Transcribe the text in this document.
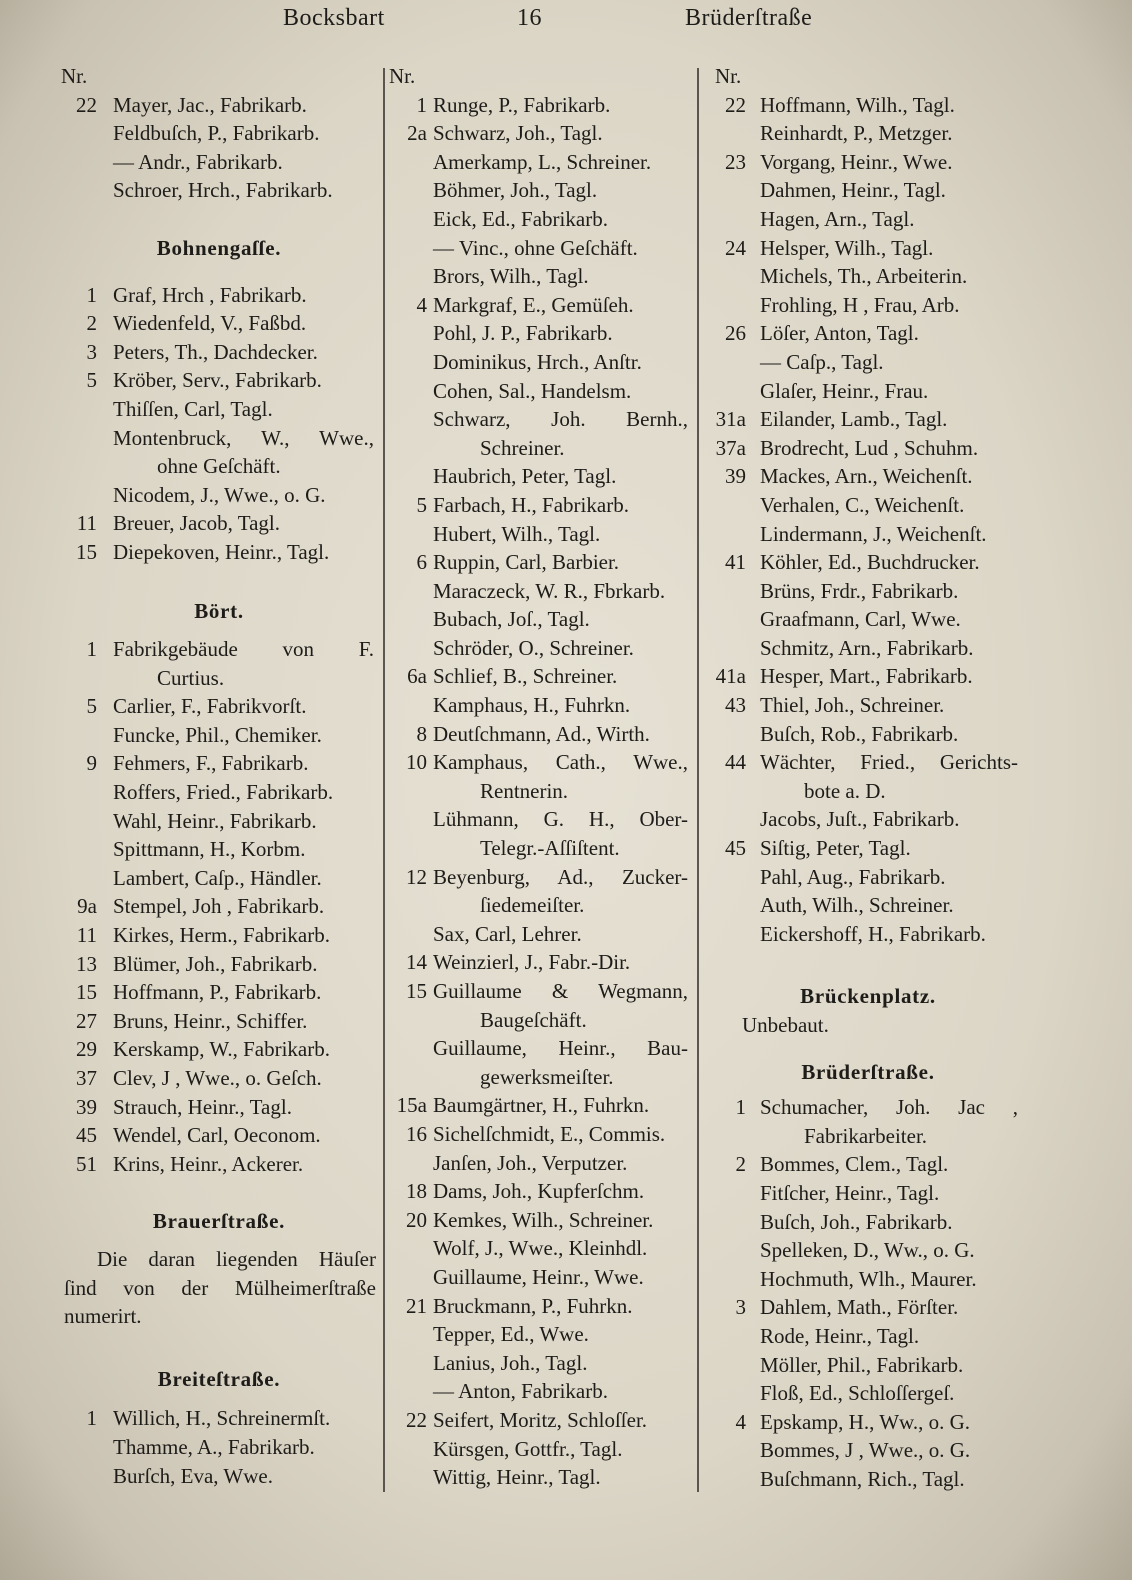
Bocksbart	16	Brüderſtraße
Nr.
22 Mayer, Jac., Fabrikarb.
Feldbuſch, P., Fabrikarb.
— Andr., Fabrikarb.
Schroer, Hrch., Fabrikarb.
Bohnengaſſe.
1 Graf, Hrch , Fabrikarb.
2 Wiedenfeld, V., Faßbd.
3 Peters, Th., Dachdecker.
5 Kröber, Serv., Fabrikarb.
Thiſſen, Carl, Tagl.
Montenbruck, W., Wwe.,
ohne Geſchäft.
Nicodem, J., Wwe., o. G.
11 Breuer, Jacob, Tagl.
15 Diepekoven, Heinr., Tagl.
Bört.
1 Fabrikgebäude von F.
Curtius.
5 Carlier, F., Fabrikvorſt.
Funcke, Phil., Chemiker.
9 Fehmers, F., Fabrikarb.
Roffers, Fried., Fabrikarb.
Wahl, Heinr., Fabrikarb.
Spittmann, H., Korbm.
Lambert, Caſp., Händler.
9a Stempel, Joh , Fabrikarb.
11 Kirkes, Herm., Fabrikarb.
13 Blümer, Joh., Fabrikarb.
15 Hoffmann, P., Fabrikarb.
27 Bruns, Heinr., Schiffer.
29 Kerskamp, W., Fabrikarb.
37 Clev, J , Wwe., o. Geſch.
39 Strauch, Heinr., Tagl.
45 Wendel, Carl, Oeconom.
51 Krins, Heinr., Ackerer.
Brauerſtraße.
Die daran liegenden Häuſer
ſind von der Mülheimerſtraße
numerirt.
Breiteſtraße.
1 Willich, H., Schreinermſt.
Thamme, A., Fabrikarb.
Burſch, Eva, Wwe.
Nr.
1 Runge, P., Fabrikarb.
2a Schwarz, Joh., Tagl.
Amerkamp, L., Schreiner.
Böhmer, Joh., Tagl.
Eick, Ed., Fabrikarb.
— Vinc., ohne Geſchäft.
Brors, Wilh., Tagl.
4 Markgraf, E., Gemüſeh.
Pohl, J. P., Fabrikarb.
Dominikus, Hrch., Anſtr.
Cohen, Sal., Handelsm.
Schwarz, Joh. Bernh.,
Schreiner.
Haubrich, Peter, Tagl.
5 Farbach, H., Fabrikarb.
Hubert, Wilh., Tagl.
6 Ruppin, Carl, Barbier.
Maraczeck, W. R., Fbrkarb.
Bubach, Joſ., Tagl.
Schröder, O., Schreiner.
6a Schlief, B., Schreiner.
Kamphaus, H., Fuhrkn.
8 Deutſchmann, Ad., Wirth.
10 Kamphaus, Cath., Wwe.,
Rentnerin.
Lühmann, G. H., Ober-
Telegr.-Aſſiſtent.
12 Beyenburg, Ad., Zucker-
ſiedemeiſter.
Sax, Carl, Lehrer.
14 Weinzierl, J., Fabr.-Dir.
15 Guillaume & Wegmann,
Baugeſchäft.
Guillaume, Heinr., Bau-
gewerksmeiſter.
15a Baumgärtner, H., Fuhrkn.
16 Sichelſchmidt, E., Commis.
Janſen, Joh., Verputzer.
18 Dams, Joh., Kupferſchm.
20 Kemkes, Wilh., Schreiner.
Wolf, J., Wwe., Kleinhdl.
Guillaume, Heinr., Wwe.
21 Bruckmann, P., Fuhrkn.
Tepper, Ed., Wwe.
Lanius, Joh., Tagl.
— Anton, Fabrikarb.
22 Seifert, Moritz, Schloſſer.
Kürsgen, Gottfr., Tagl.
Wittig, Heinr., Tagl.
Nr.
22 Hoffmann, Wilh., Tagl.
Reinhardt, P., Metzger.
23 Vorgang, Heinr., Wwe.
Dahmen, Heinr., Tagl.
Hagen, Arn., Tagl.
24 Helsper, Wilh., Tagl.
Michels, Th., Arbeiterin.
Frohling, H , Frau, Arb.
26 Löſer, Anton, Tagl.
— Caſp., Tagl.
Glaſer, Heinr., Frau.
31a Eilander, Lamb., Tagl.
37a Brodrecht, Lud , Schuhm.
39 Mackes, Arn., Weichenſt.
Verhalen, C., Weichenſt.
Lindermann, J., Weichenſt.
41 Köhler, Ed., Buchdrucker.
Brüns, Frdr., Fabrikarb.
Graafmann, Carl, Wwe.
Schmitz, Arn., Fabrikarb.
41a Hesper, Mart., Fabrikarb.
43 Thiel, Joh., Schreiner.
Buſch, Rob., Fabrikarb.
44 Wächter, Fried., Gerichts-
bote a. D.
Jacobs, Juſt., Fabrikarb.
45 Siſtig, Peter, Tagl.
Pahl, Aug., Fabrikarb.
Auth, Wilh., Schreiner.
Eickershoff, H., Fabrikarb.
Brückenplatz.
Unbebaut.
Brüderſtraße.
1 Schumacher, Joh. Jac ,
Fabrikarbeiter.
2 Bommes, Clem., Tagl.
Fitſcher, Heinr., Tagl.
Buſch, Joh., Fabrikarb.
Spelleken, D., Ww., o. G.
Hochmuth, Wlh., Maurer.
3 Dahlem, Math., Förſter.
Rode, Heinr., Tagl.
Möller, Phil., Fabrikarb.
Floß, Ed., Schloſſergeſ.
4 Epskamp, H., Ww., o. G.
Bommes, J , Wwe., o. G.
Buſchmann, Rich., Tagl.
